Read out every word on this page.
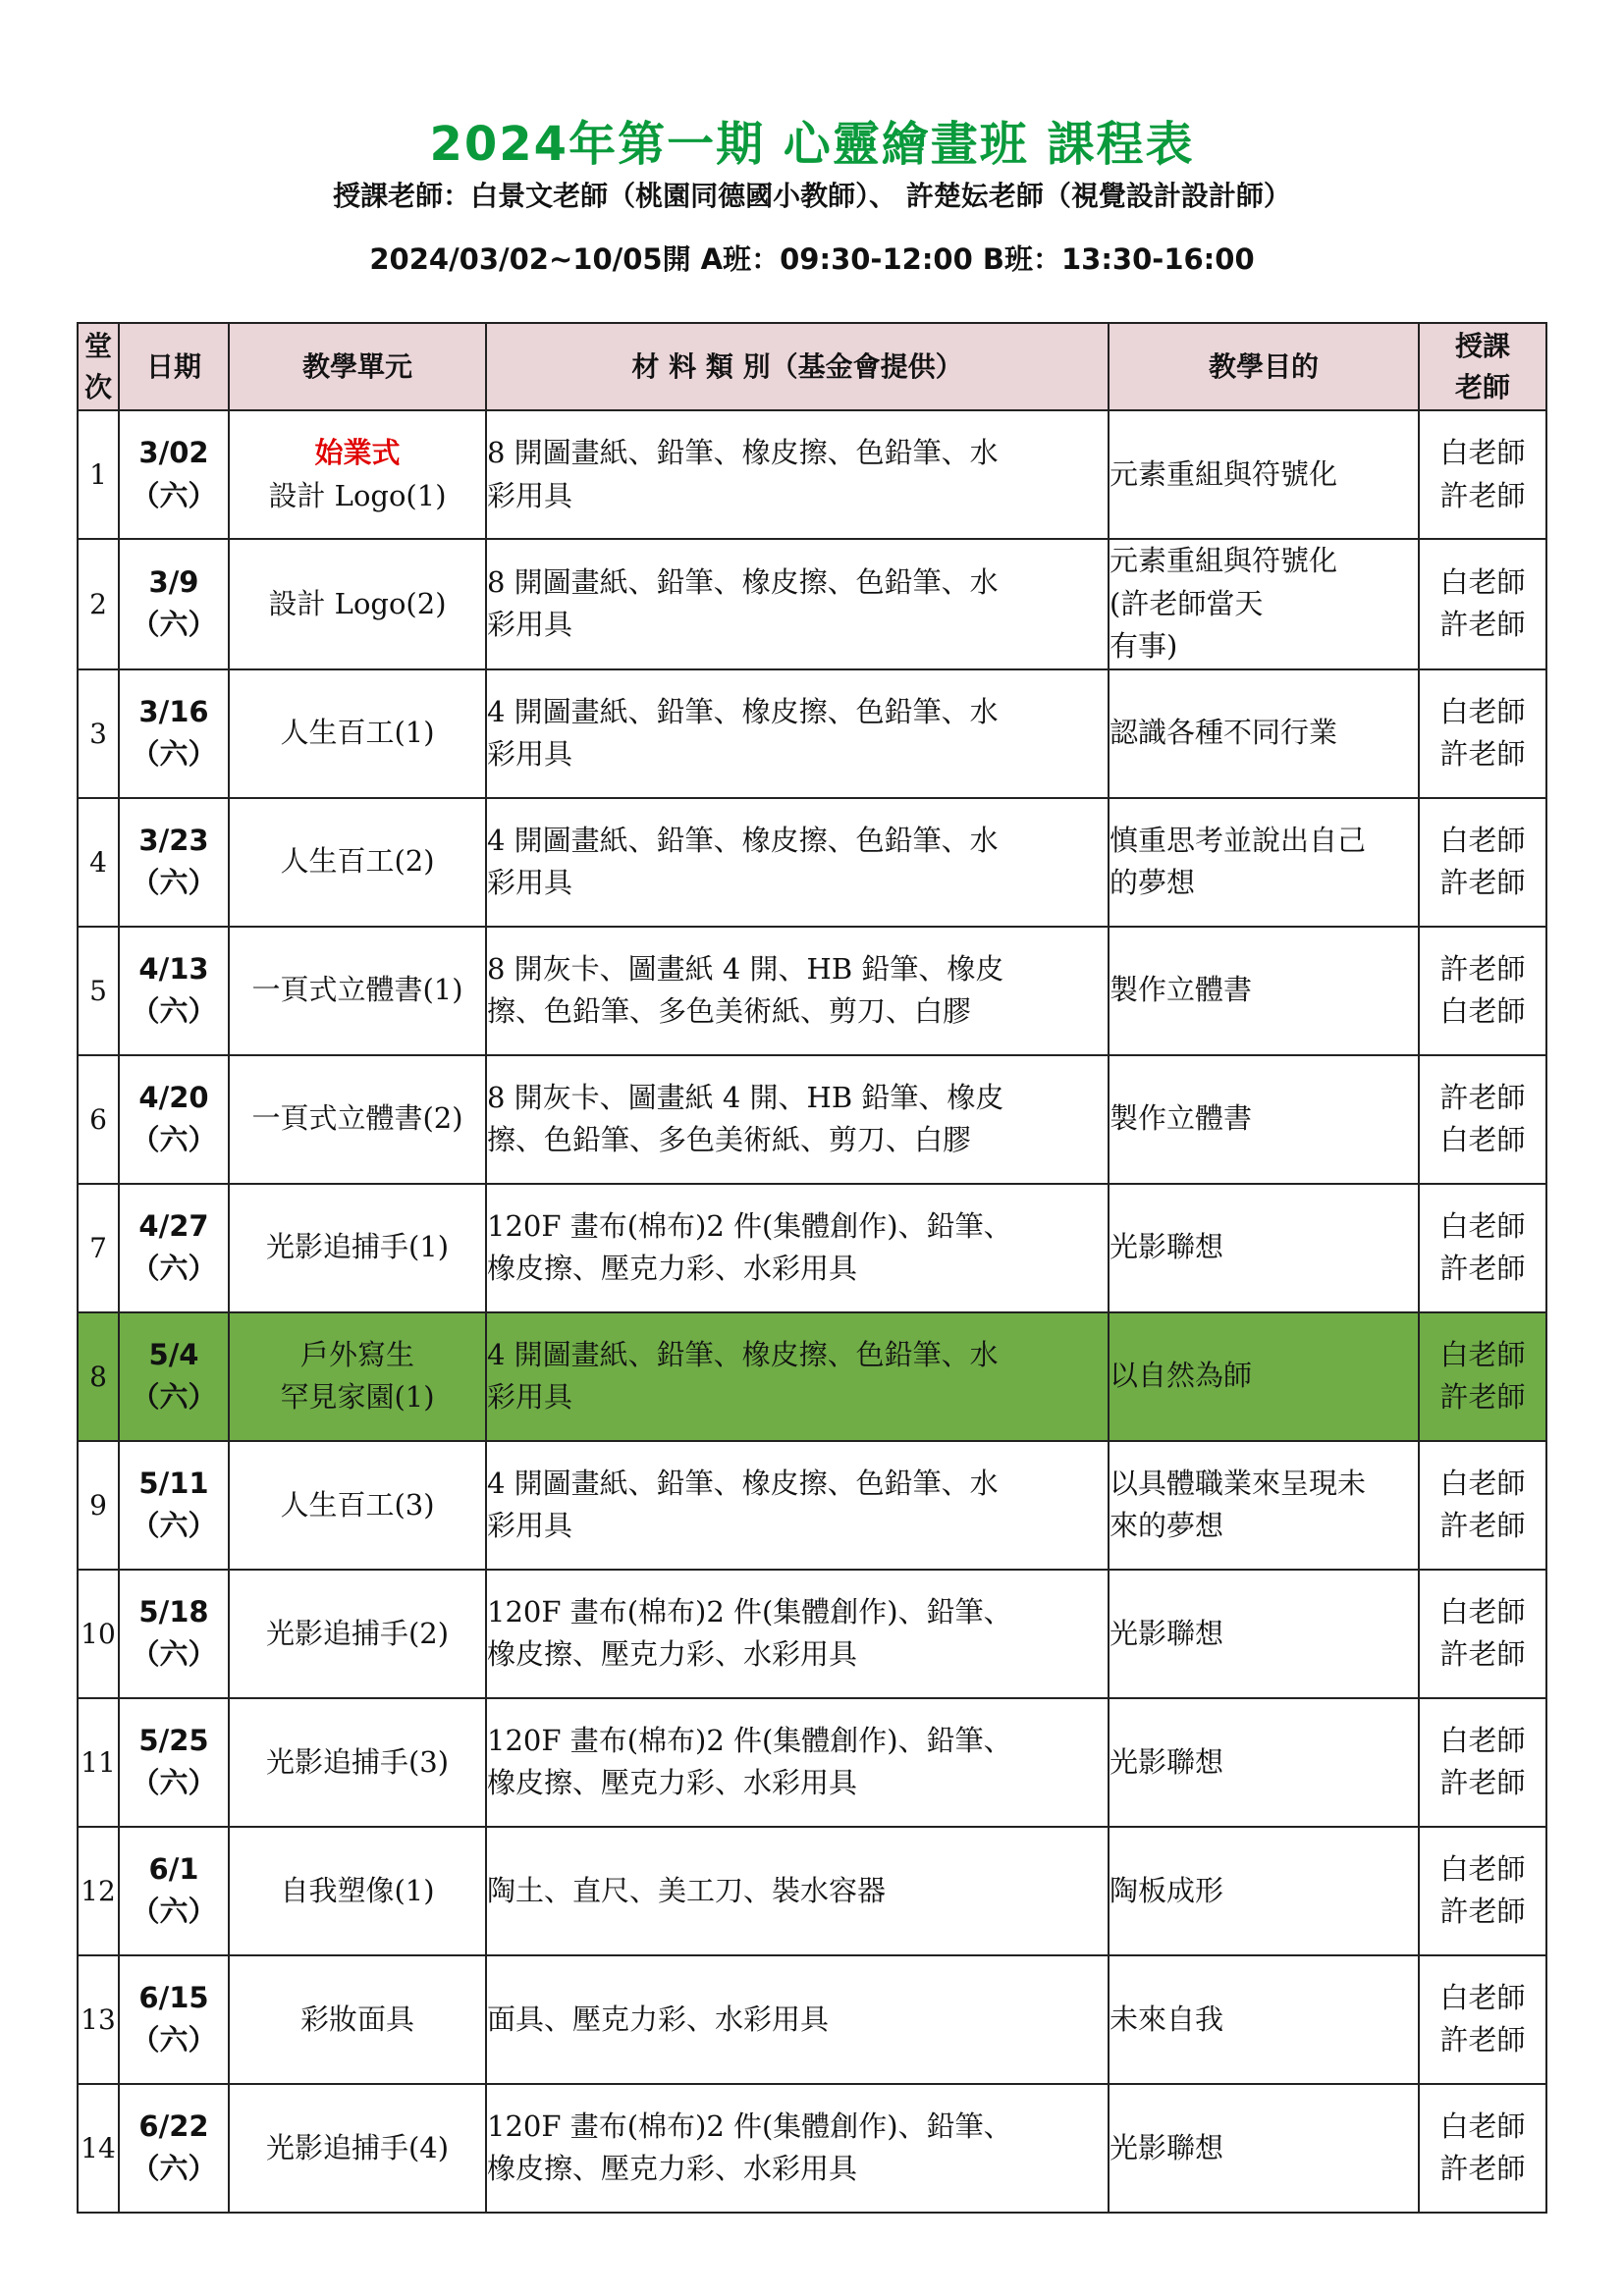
2024年第一期 心靈繪畫班 課程表
授課老師：白景文老師（桃園同德國小教師）、 許楚妘老師（視覺設計設計師）
2024/03/02~10/05開 A班：09:30-12:00 B班：13:30-16:00
堂
次	日期	教學單元	材 料 類 別（基金會提供）	教學目的	授課
老師

1	3/02
（六）	始業式
設計 Logo(1)	8 開圖畫紙、鉛筆、橡皮擦、色鉛筆、水
彩用具	元素重組與符號化	白老師
許老師

2	3/9
（六）	設計 Logo(2)	8 開圖畫紙、鉛筆、橡皮擦、色鉛筆、水
彩用具	元素重組與符號化
(許老師當天
有事)	白老師
許老師

3	3/16
（六）	人生百工(1)	4 開圖畫紙、鉛筆、橡皮擦、色鉛筆、水
彩用具	認識各種不同行業	白老師
許老師

4	3/23
（六）	人生百工(2)	4 開圖畫紙、鉛筆、橡皮擦、色鉛筆、水
彩用具	慎重思考並說出自己
的夢想	白老師
許老師

5	4/13
（六）	一頁式立體書(1)	8 開灰卡、圖畫紙 4 開、HB 鉛筆、橡皮
擦、色鉛筆、多色美術紙、剪刀、白膠	製作立體書	許老師
白老師

6	4/20
（六）	一頁式立體書(2)	8 開灰卡、圖畫紙 4 開、HB 鉛筆、橡皮
擦、色鉛筆、多色美術紙、剪刀、白膠	製作立體書	許老師
白老師

7	4/27
（六）	光影追捕手(1)	120F 畫布(棉布)2 件(集體創作)、鉛筆、
橡皮擦、壓克力彩、水彩用具	光影聯想	白老師
許老師

8	5/4
（六）	戶外寫生
罕見家園(1)	4 開圖畫紙、鉛筆、橡皮擦、色鉛筆、水
彩用具	以自然為師	白老師
許老師

9	5/11
（六）	人生百工(3)	4 開圖畫紙、鉛筆、橡皮擦、色鉛筆、水
彩用具	以具體職業來呈現未
來的夢想	白老師
許老師

10	5/18
（六）	光影追捕手(2)	120F 畫布(棉布)2 件(集體創作)、鉛筆、
橡皮擦、壓克力彩、水彩用具	光影聯想	白老師
許老師

11	5/25
（六）	光影追捕手(3)	120F 畫布(棉布)2 件(集體創作)、鉛筆、
橡皮擦、壓克力彩、水彩用具	光影聯想	白老師
許老師

12	6/1
（六）	自我塑像(1)	陶土、直尺、美工刀、裝水容器	陶板成形	白老師
許老師

13	6/15
（六）	彩妝面具	面具、壓克力彩、水彩用具	未來自我	白老師
許老師

14	6/22
（六）	光影追捕手(4)	120F 畫布(棉布)2 件(集體創作)、鉛筆、
橡皮擦、壓克力彩、水彩用具	光影聯想	白老師
許老師
